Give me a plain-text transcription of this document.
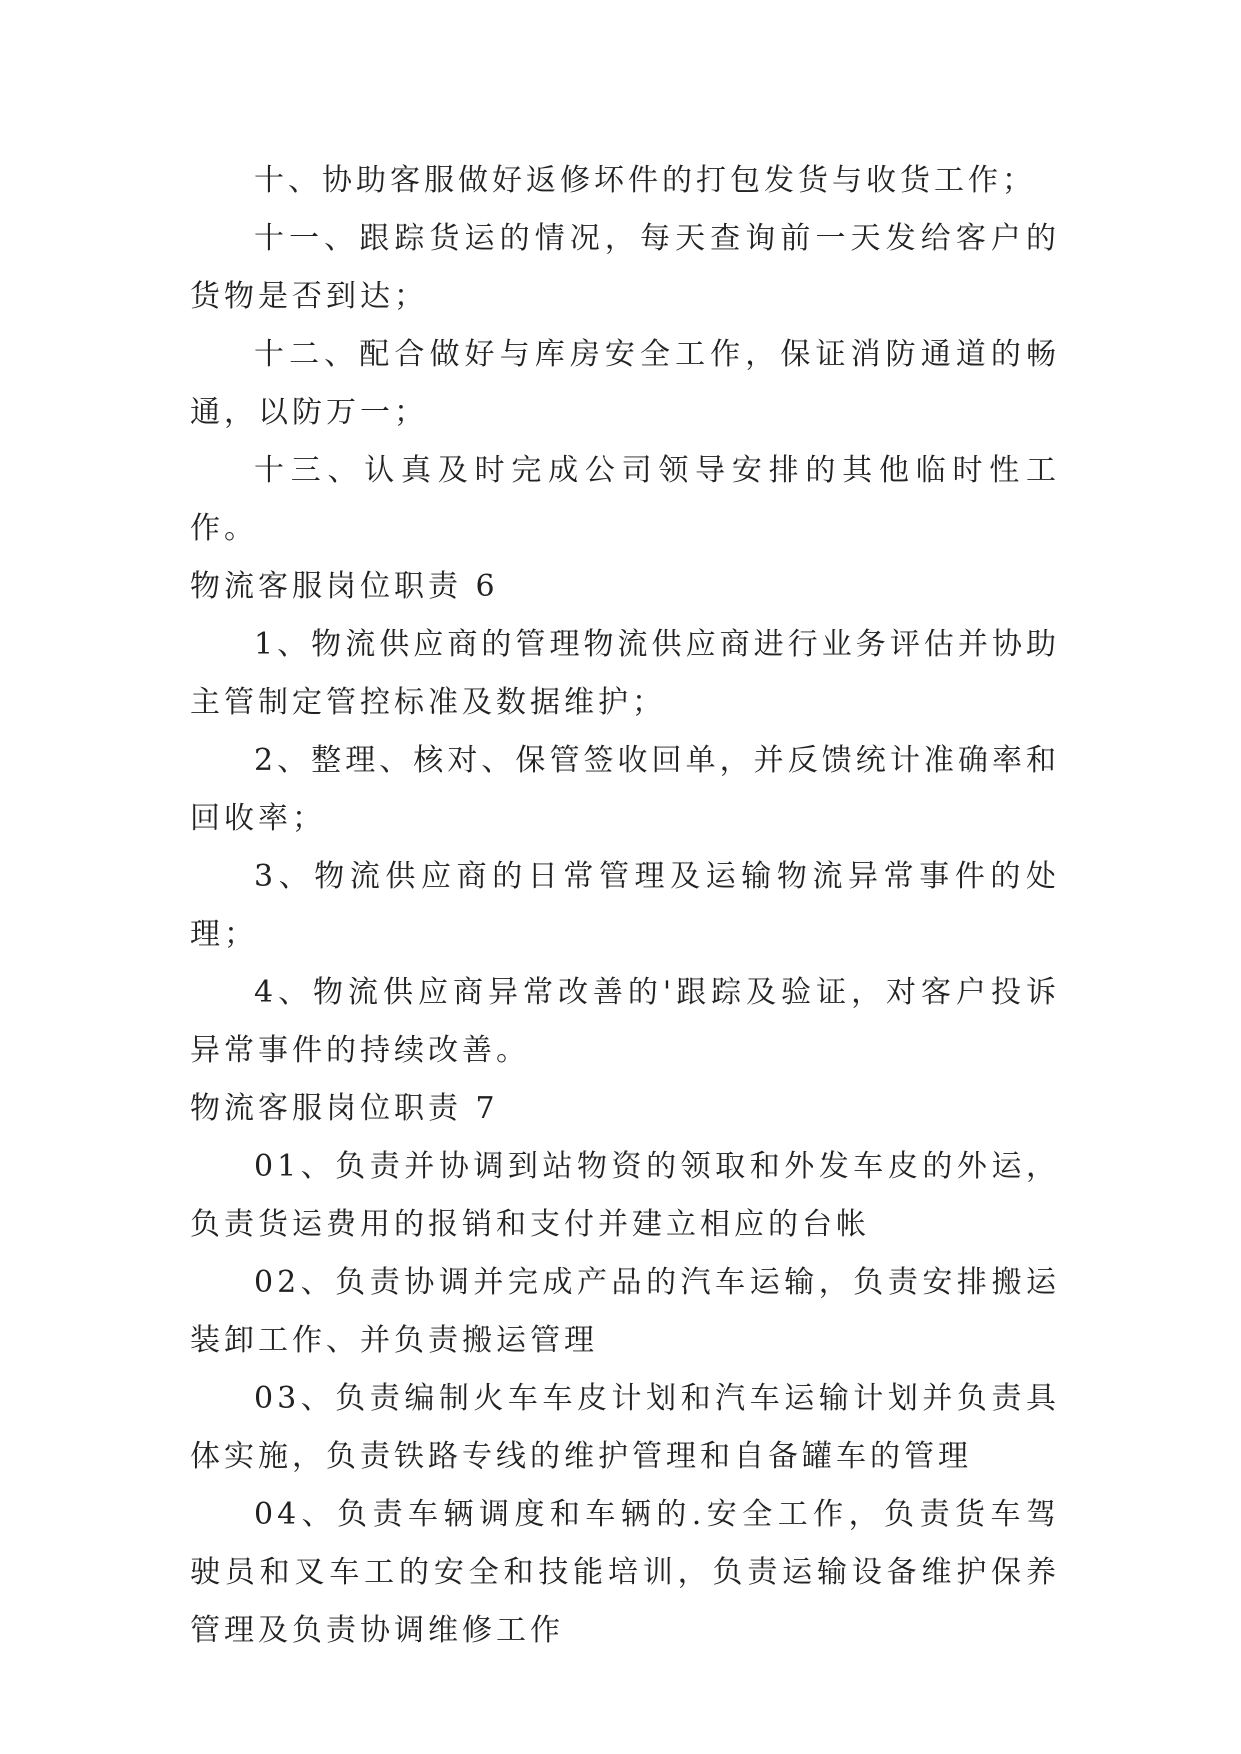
十、协助客服做好返修坏件的打包发货与收货工作；

十一、跟踪货运的情况，每天查询前一天发给客户的货物是否到达；

十二、配合做好与库房安全工作，保证消防通道的畅通，以防万一；

十三、认真及时完成公司领导安排的其他临时性工作。

物流客服岗位职责 6

1、物流供应商的管理物流供应商进行业务评估并协助主管制定管控标准及数据维护；

2、整理、核对、保管签收回单，并反馈统计准确率和回收率；

3、物流供应商的日常管理及运输物流异常事件的处理；

4、物流供应商异常改善的'跟踪及验证，对客户投诉异常事件的持续改善。

物流客服岗位职责 7

01、负责并协调到站物资的领取和外发车皮的外运，负责货运费用的报销和支付并建立相应的台帐

02、负责协调并完成产品的汽车运输，负责安排搬运装卸工作、并负责搬运管理

03、负责编制火车车皮计划和汽车运输计划并负责具体实施，负责铁路专线的维护管理和自备罐车的管理

04、负责车辆调度和车辆的.安全工作，负责货车驾驶员和叉车工的安全和技能培训，负责运输设备维护保养管理及负责协调维修工作
